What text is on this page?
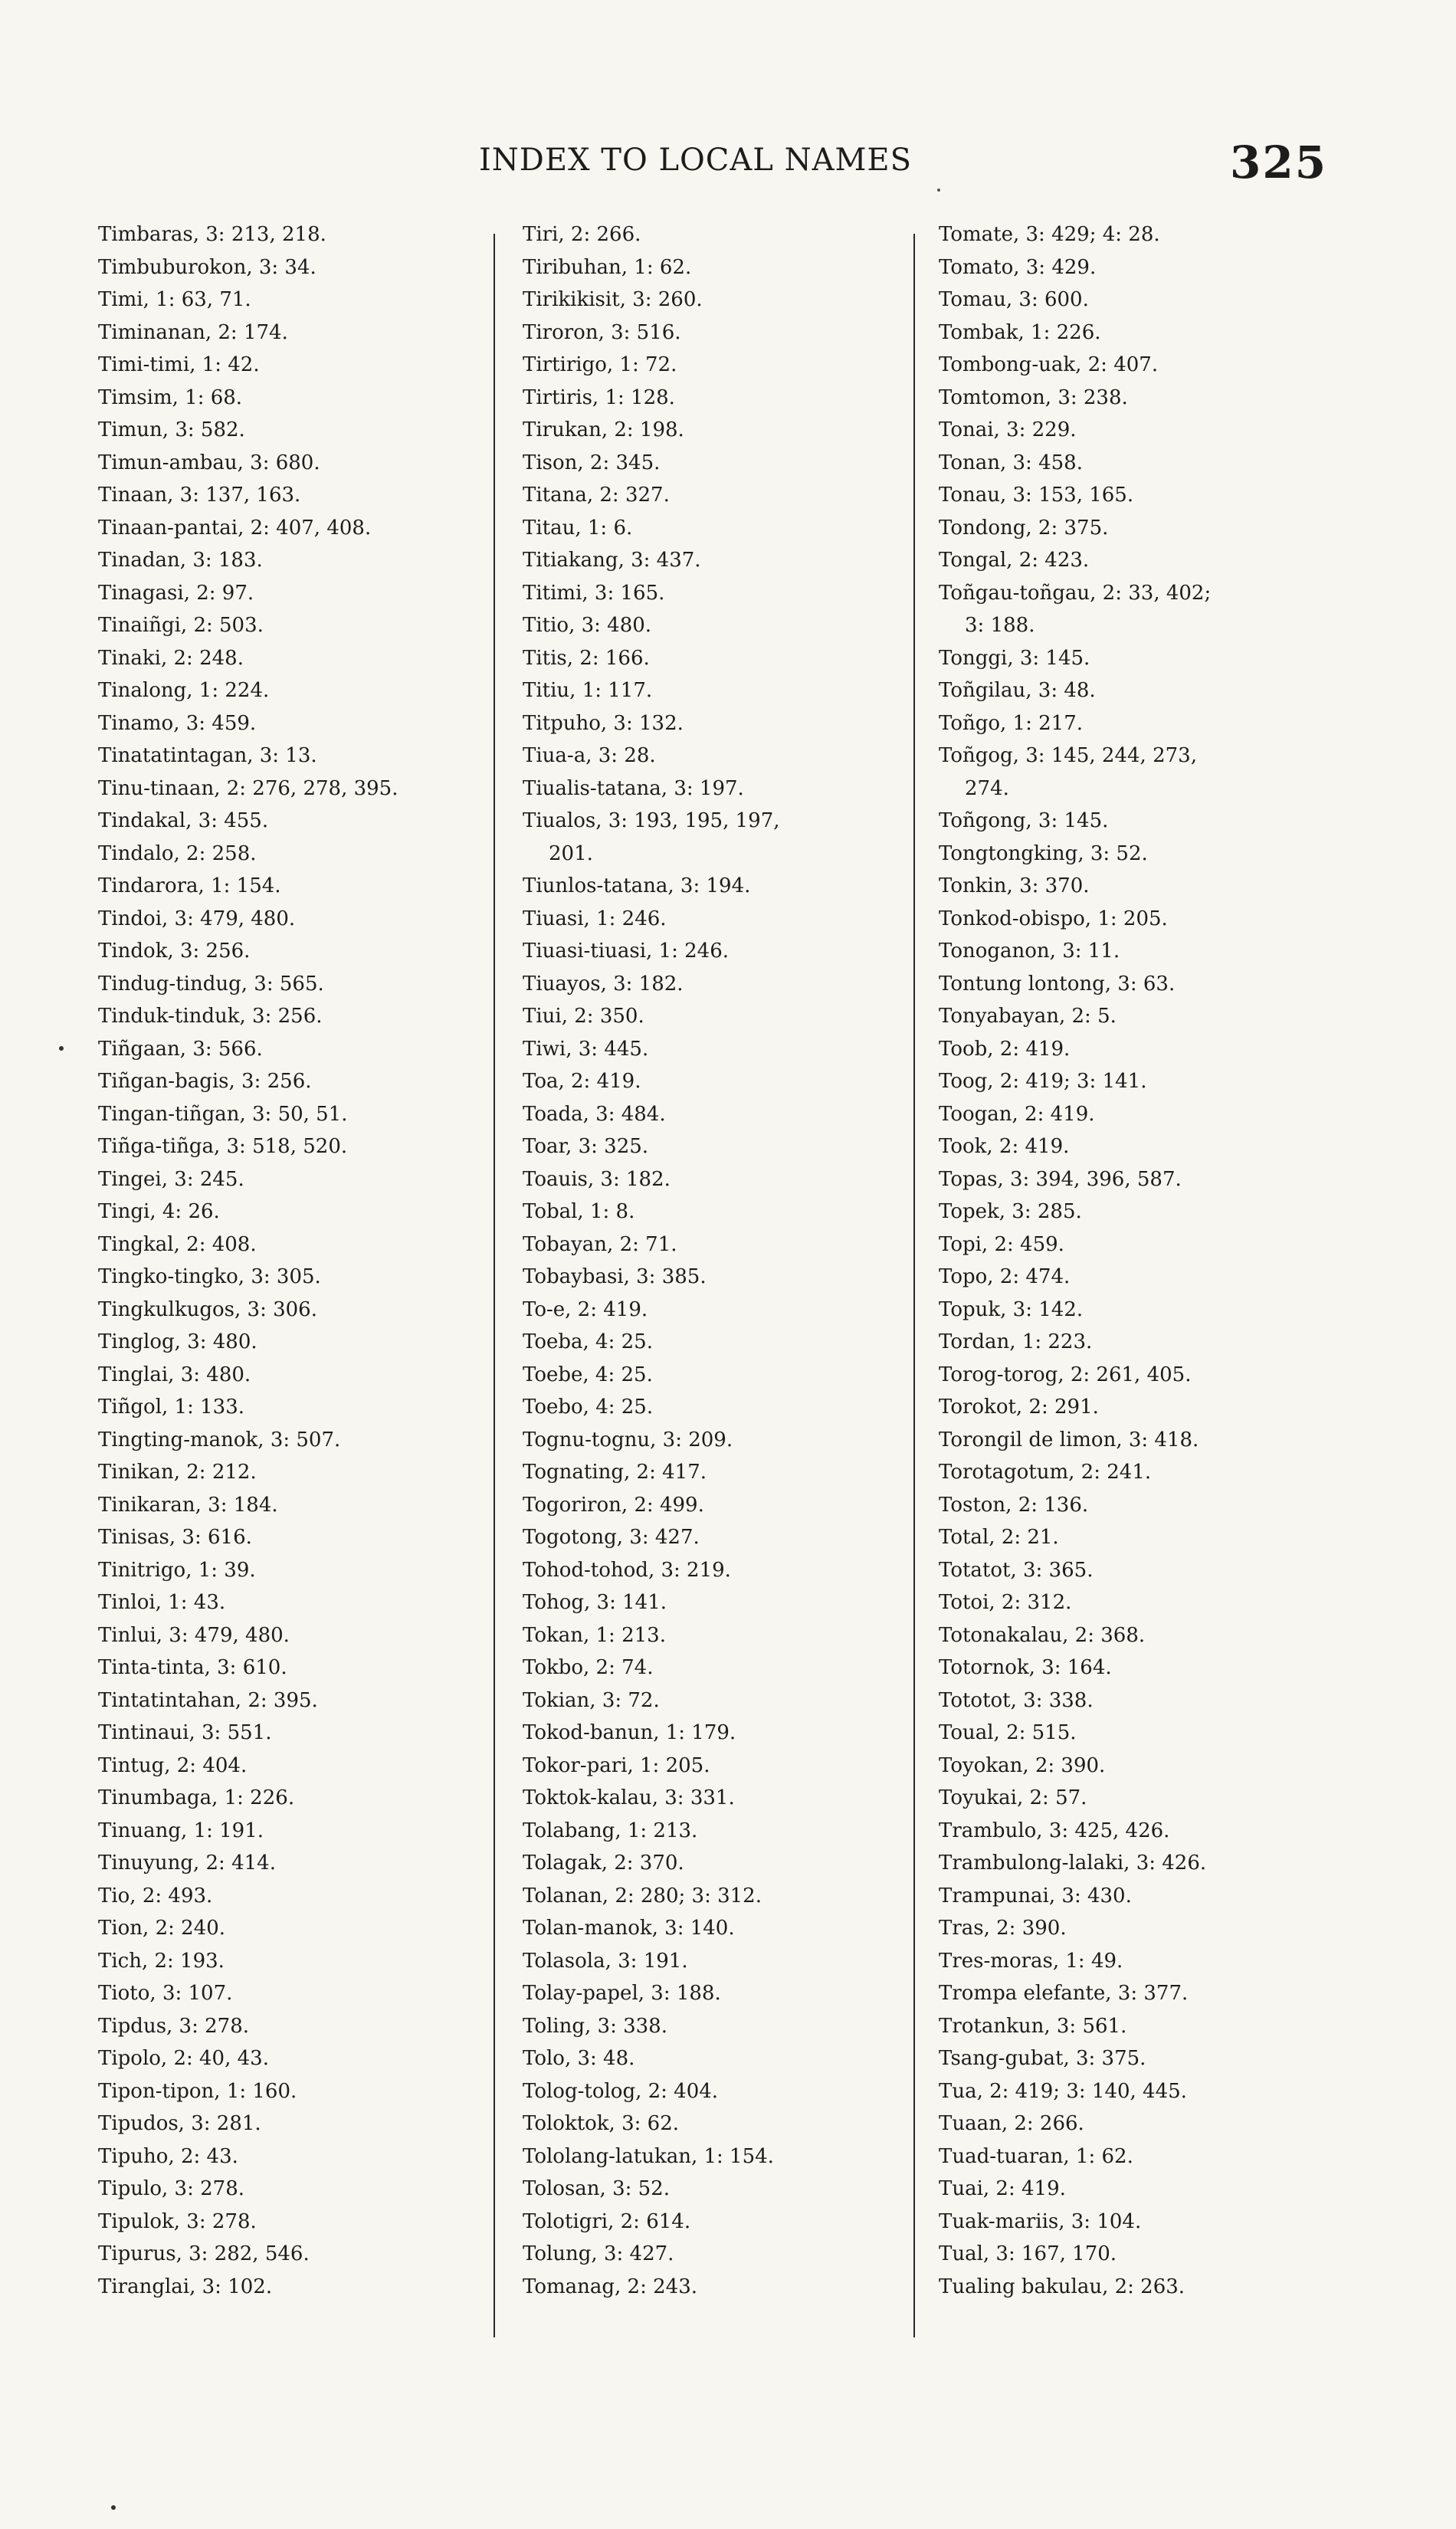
INDEX TO LOCAL NAMES	325
Timbaras, 3: 213, 218.
Timbuburokon, 3: 34.
Timi, 1: 63, 71.
Timinanan, 2: 174.
Timi-timi, 1: 42.
Timsim, 1: 68.
Timun, 3: 582.
Timun-ambau, 3: 680.
Tinaan, 3: 137, 163.
Tinaan-pantai, 2: 407, 408.
Tinadan, 3: 183.
Tinagasi, 2: 97.
Tinaiñgi, 2: 503.
Tinaki, 2: 248.
Tinalong, 1: 224.
Tinamo, 3: 459.
Tinatatintagan, 3: 13.
Tinu-tinaan, 2: 276, 278, 395.
Tindakal, 3: 455.
Tindalo, 2: 258.
Tindarora, 1: 154.
Tindoi, 3: 479, 480.
Tindok, 3: 256.
Tindug-tindug, 3: 565.
Tinduk-tinduk, 3: 256.
Tiñgaan, 3: 566.
Tiñgan-bagis, 3: 256.
Tingan-tiñgan, 3: 50, 51.
Tiñga-tiñga, 3: 518, 520.
Tingei, 3: 245.
Tingi, 4: 26.
Tingkal, 2: 408.
Tingko-tingko, 3: 305.
Tingkulkugos, 3: 306.
Tinglog, 3: 480.
Tinglai, 3: 480.
Tiñgol, 1: 133.
Tingting-manok, 3: 507.
Tinikan, 2: 212.
Tinikaran, 3: 184.
Tinisas, 3: 616.
Tinitrigo, 1: 39.
Tinloi, 1: 43.
Tinlui, 3: 479, 480.
Tinta-tinta, 3: 610.
Tintatintahan, 2: 395.
Tintinaui, 3: 551.
Tintug, 2: 404.
Tinumbaga, 1: 226.
Tinuang, 1: 191.
Tinuyung, 2: 414.
Tio, 2: 493.
Tion, 2: 240.
Tich, 2: 193.
Tioto, 3: 107.
Tipdus, 3: 278.
Tipolo, 2: 40, 43.
Tipon-tipon, 1: 160.
Tipudos, 3: 281.
Tipuho, 2: 43.
Tipulo, 3: 278.
Tipulok, 3: 278.
Tipurus, 3: 282, 546.
Tiranglai, 3: 102.
Tiri, 2: 266.
Tiribuhan, 1: 62.
Tirikikisit, 3: 260.
Tiroron, 3: 516.
Tirtirigo, 1: 72.
Tirtiris, 1: 128.
Tirukan, 2: 198.
Tison, 2: 345.
Titana, 2: 327.
Titau, 1: 6.
Titiakang, 3: 437.
Titimi, 3: 165.
Titio, 3: 480.
Titis, 2: 166.
Titiu, 1: 117.
Titpuho, 3: 132.
Tiua-a, 3: 28.
Tiualis-tatana, 3: 197.
Tiualos, 3: 193, 195, 197,
201.
Tiunlos-tatana, 3: 194.
Tiuasi, 1: 246.
Tiuasi-tiuasi, 1: 246.
Tiuayos, 3: 182.
Tiui, 2: 350.
Tiwi, 3: 445.
Toa, 2: 419.
Toada, 3: 484.
Toar, 3: 325.
Toauis, 3: 182.
Tobal, 1: 8.
Tobayan, 2: 71.
Tobaybasi, 3: 385.
To-e, 2: 419.
Toeba, 4: 25.
Toebe, 4: 25.
Toebo, 4: 25.
Tognu-tognu, 3: 209.
Tognating, 2: 417.
Togoriron, 2: 499.
Togotong, 3: 427.
Tohod-tohod, 3: 219.
Tohog, 3: 141.
Tokan, 1: 213.
Tokbo, 2: 74.
Tokian, 3: 72.
Tokod-banun, 1: 179.
Tokor-pari, 1: 205.
Toktok-kalau, 3: 331.
Tolabang, 1: 213.
Tolagak, 2: 370.
Tolanan, 2: 280; 3: 312.
Tolan-manok, 3: 140.
Tolasola, 3: 191.
Tolay-papel, 3: 188.
Toling, 3: 338.
Tolo, 3: 48.
Tolog-tolog, 2: 404.
Toloktok, 3: 62.
Tololang-latukan, 1: 154.
Tolosan, 3: 52.
Tolotigri, 2: 614.
Tolung, 3: 427.
Tomanag, 2: 243.
Tomate, 3: 429; 4: 28.
Tomato, 3: 429.
Tomau, 3: 600.
Tombak, 1: 226.
Tombong-uak, 2: 407.
Tomtomon, 3: 238.
Tonai, 3: 229.
Tonan, 3: 458.
Tonau, 3: 153, 165.
Tondong, 2: 375.
Tongal, 2: 423.
Toñgau-toñgau, 2: 33, 402;
3: 188.
Tonggi, 3: 145.
Toñgilau, 3: 48.
Toñgo, 1: 217.
Toñgog, 3: 145, 244, 273,
274.
Toñgong, 3: 145.
Tongtongking, 3: 52.
Tonkin, 3: 370.
Tonkod-obispo, 1: 205.
Tonoganon, 3: 11.
Tontung lontong, 3: 63.
Tonyabayan, 2: 5.
Toob, 2: 419.
Toog, 2: 419; 3: 141.
Toogan, 2: 419.
Took, 2: 419.
Topas, 3: 394, 396, 587.
Topek, 3: 285.
Topi, 2: 459.
Topo, 2: 474.
Topuk, 3: 142.
Tordan, 1: 223.
Torog-torog, 2: 261, 405.
Torokot, 2: 291.
Torongil de limon, 3: 418.
Torotagotum, 2: 241.
Toston, 2: 136.
Total, 2: 21.
Totatot, 3: 365.
Totoi, 2: 312.
Totonakalau, 2: 368.
Totornok, 3: 164.
Tototot, 3: 338.
Toual, 2: 515.
Toyokan, 2: 390.
Toyukai, 2: 57.
Trambulo, 3: 425, 426.
Trambulong-lalaki, 3: 426.
Trampunai, 3: 430.
Tras, 2: 390.
Tres-moras, 1: 49.
Trompa elefante, 3: 377.
Trotankun, 3: 561.
Tsang-gubat, 3: 375.
Tua, 2: 419; 3: 140, 445.
Tuaan, 2: 266.
Tuad-tuaran, 1: 62.
Tuai, 2: 419.
Tuak-mariis, 3: 104.
Tual, 3: 167, 170.
Tualing bakulau, 2: 263.
